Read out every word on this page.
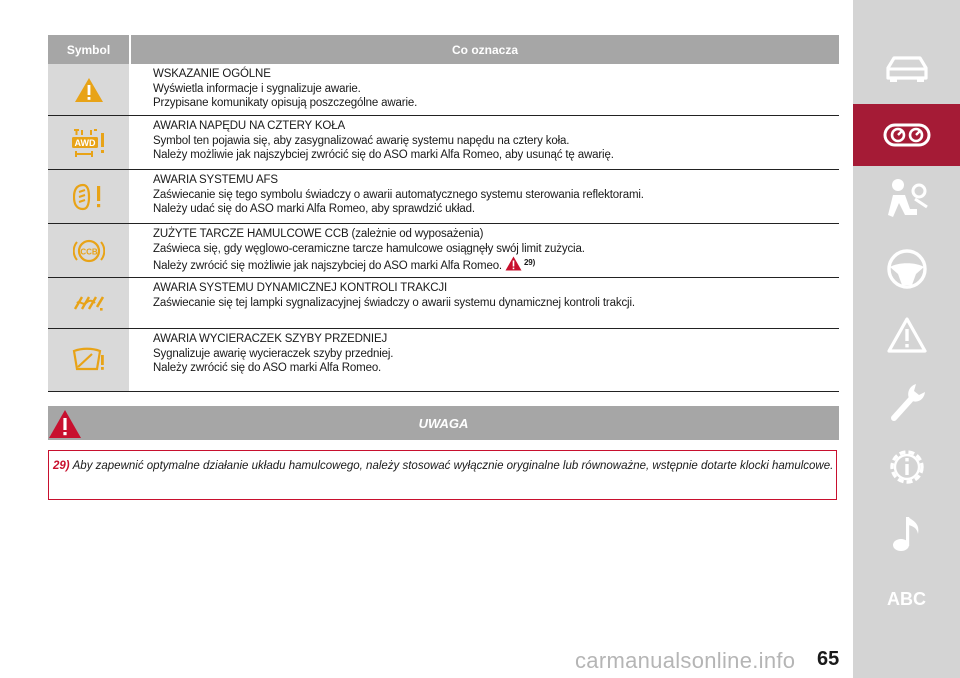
Symbol	Co oznacza
WSKAZANIE OGÓLNE
Wyświetla informacje i sygnalizuje awarie.
Przypisane komunikaty opisują poszczególne awarie.
AWD
AWARIA NAPĘDU NA CZTERY KOŁA
Symbol ten pojawia się, aby zasygnalizować awarię systemu napędu na cztery koła.
Należy możliwie jak najszybciej zwrócić się do ASO marki Alfa Romeo, aby usunąć tę awarię.
AWARIA SYSTEMU AFS
Zaświecanie się tego symbolu świadczy o awarii automatycznego systemu sterowania reflektorami.
Należy udać się do ASO marki Alfa Romeo, aby sprawdzić układ.
CCB
ZUŻYTE TARCZE HAMULCOWE CCB (zależnie od wyposażenia)
Zaświeca się, gdy węglowo-ceramiczne tarcze hamulcowe osiągnęły swój limit zużycia.
Należy zwrócić się możliwie jak najszybciej do ASO marki Alfa Romeo.	$^{29)}$
AWARIA SYSTEMU DYNAMICZNEJ KONTROLI TRAKCJI
Zaświecanie się tej lampki sygnalizacyjnej świadczy o awarii systemu dynamicznej kontroli trakcji.
AWARIA WYCIERACZEK SZYBY PRZEDNIEJ
Sygnalizuje awarię wycieraczek szyby przedniej.
Należy zwrócić się do ASO marki Alfa Romeo.
UWAGA
29) Aby zapewnić optymalne działanie układu hamulcowego, należy stosować wyłącznie oryginalne lub równoważne, wstępnie dotarte klocki hamulcowe.
ABC
carmanualsonline.info 65
